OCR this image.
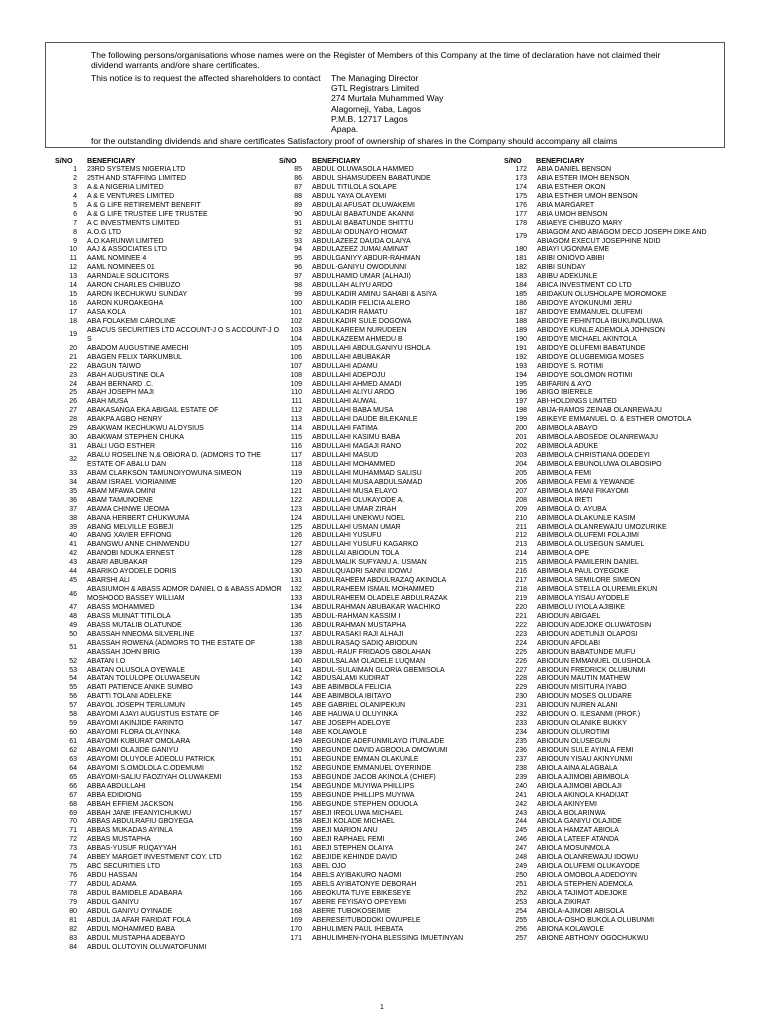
The following persons/organisations whose names were on the Register of Members of this Company at the time of declaration have not claimed their dividend warrants and/ore share certificates.
This notice is to request the affected shareholders to contact The Managing Director
GTL Registrars Limited
274 Murtala Muhammed Way
Alagomeji, Yaba, Lagos
P.M.B. 12717 Lagos
Apapa.
for the outstanding dividends and share certificates Satisfactory proof of ownership of shares in the Company should accompany all claims
S/NO BENEFICIARY
1 23RD SYSTEMS NIGERIA LTD
2 25TH AND STAFFING LIMITED
3 A & A NIGERIA LIMITED
4 A & E VENTURES LIMITED
5 A & G LIFE RETIREMENT BENEFIT
6 A & G LIFE TRUSTEE LIFE TRUSTEE
7 A C INVESTMENTS LIMITED
8 A.O.G LTD
9 A.O.KARUNWI LIMITED
10 AAJ & ASSOCIATES LTD
11 AAML NOMINEE 4
12 AAML NOMINEES 01
13 AARNDALE SOLICITORS
14 AARON CHARLES CHIBUZO
15 AARON IKECHUKWU SUNDAY
16 AARON KUROAKEGHA
17 AASA KOLA
18 ABA FOLAKEMI CAROLINE
19
ABACUS SECURITIES LTD ACCOUNT-J O S ACCOUNT-J O S
20 ABADOM AUGUSTINE AMECHI
21 ABAGEN FELIX TARKUMBUL
22 ABAGUN TAIWO
23 ABAH AUGUSTINE OLA
24 ABAH BERNARD .C.
25 ABAH JOSEPH MAJI
26 ABAH MUSA
27 ABAKASANGA EKA ABIGAIL ESTATE OF
28 ABAKPA AGBO HENRY
29 ABAKWAM IKECHUKWU ALOYSIUS
30 ABAKWAM STEPHEN CHUKA
31 ABALI UGO ESTHER
32
ABALU ROSELINE N.& OBIORA D. (ADMORS TO THE ESTATE OF ABALU DAN
33 ABAM CLARKSON TAMUNOIYOWUNA SIMEON
34 ABAM ISRAEL VIORIANIME
35 ABAM MFAWA OMINI
36 ABAM TAMUNOENE
37 ABAMA CHINWE IJEOMA
38 ABANA HERBERT CHUKWUMA
39 ABANG MELVILLE EGBEJI
40 ABANG XAVIER EFFIONG
41 ABANGWU ANNE CHINWENDU
42 ABANOBI NDUKA ERNEST
43 ABARI ABUBAKAR
44 ABARIKO AYODELE DORIS
45 ABARSHI ALI
46
ABASIUMOH & ABASS ADMOR DANIEL O & ABASS ADMOR MOSHOOD BASSEY WILLIAM
47 ABASS MOHAMMED
48 ABASS MUINAT TITILOLA
49 ABASS MUTALIB OLATUNDE
50 ABASSAH NNEOMA SILVERLINE
51
ABASSAH ROWENA (ADMORS TO THE ESTATE OF ABASSAH JOHN BRIG
52 ABATAN I.O
53 ABATAN OLUSOLA OYEWALE
54 ABATAN TOLULOPE OLUWASEUN
55 ABATI PATIENCE ANIKE SUMBO
56 ABATTI TOLANI ADELEKE
57 ABAYOL JOSEPH TERLUMUN
58 ABAYOMI AJAYI AUGUSTUS ESTATE OF
59 ABAYOMI AKINJIDE FARINTO
60 ABAYOMI FLORA OLAYINKA
61 ABAYOMI KUBURAT OMOLARA
62 ABAYOMI OLAJIDE GANIYU
63 ABAYOMI OLUYOLE ADEOLU PATRICK
64 ABAYOMI S.OMOLOLA C.ODEMUMI
65 ABAYOMI-SALIU FAOZIYAH OLUWAKEMI
66 ABBA ABDULLAHI
67 ABBA EDIDIONG
68 ABBAH EFFIEM JACKSON
69 ABBAH JANE IFEANYICHUKWU
70 ABBAS ABDULRAFIU GBOYEGA
71 ABBAS MUKADAS AYINLA
72 ABBAS MUSTAPHA
73 ABBAS-YUSUF RUQAYYAH
74 ABBEY MARGET INVESTMENT COY. LTD
75 ABC SECURITIES LTD
76 ABDU HASSAN
77 ABDUL ADAMA
78 ABDUL BAMIDELE ADABARA
79 ABDUL GANIYU
80 ABDUL GANIYU OYINADE
81 ABDUL JA AFAR FARIDAT FOLA
82 ABDUL MOHAMMED BABA
83 ABDUL MUSTAPHA ADEBAYO
84 ABDUL OLUTOYIN OLUWATOFUNMI
S/NO BENEFICIARY
85 ABDUL OLUWASOLA HAMMED
86 ABDUL SHAMSUDEEN BABATUNDE
87 ABDUL TITILOLA SOLAPE
88 ABDUL YAYA OLAYEMI
89 ABDULAI AFUSAT OLUWAKEMI
90 ABDULAI BABATUNDE AKANNI
91 ABDULAI BABATUNDE SHITTU
92 ABDULAI ODUNAYO HIOMAT
93 ABDULAZEEZ DAUDA OLAIYA
94 ABDULAZEEZ JUMAI AMINAT
95 ABDULGANIYY ABDUR-RAHMAN
96 ABDUL-GANIYU OWODUNNI
97 ABDULHAMID UMAR (ALHAJI)
98 ABDULLAH ALIYU ARDO
99 ABDULKADIR AMINU SAHABI & ASIYA
100 ABDULKADIR FELICIA ALERO
101 ABDULKADIR RAMATU
102 ABDULKADIR SULE DOGOWA
103 ABDULKAREEM NURUDEEN
104 ABDULKAZEEM AHMEDU B
105 ABDULLAHI ABDULGANIYU ISHOLA
106 ABDULLAHI ABUBAKAR
107 ABDULLAHI ADAMU
108 ABDULLAHI ADEPOJU
109 ABDULLAHI AHMED AMADI
110 ABDULLAHI ALIYU ARDO
111 ABDULLAHI AUWAL
112 ABDULLAHI BABA MUSA
113 ABDULLAHI DAUDE BILEKANLE
114 ABDULLAHI FATIMA
115 ABDULLAHI KASIMU BABA
116 ABDULLAHI MAGAJI RANO
117 ABDULLAHI MASUD
118 ABDULLAHI MOHAMMED
119 ABDULLAHI MUHAMMAD SALISU
120 ABDULLAHI MUSA ABDULSAMAD
121 ABDULLAHI MUSA ELAYO
122 ABDULLAHI OLUKAYODE A.
123 ABDULLAHI UMAR ZIRAH
124 ABDULLAHI UNEKWU NOEL
125 ABDULLAHI USMAN UMAR
126 ABDULLAHI YUSUFU
127 ABDULLAHI YUSUFU KAGARKO
128 ABDULLAI ABIODUN TOLA
129 ABDULMALIK SUFYANU A. USMAN
130 ABDULQUADRI SANNI IDOWU
131 ABDULRAHEEM ABDULRAZAQ AKINOLA
132 ABDULRAHEEM ISMAIL MOHAMMED
133 ABDULRAHEEM OLADELE ABDULRAZAK
134 ABDULRAHMAN ABUBAKAR WACHIKO
135 ABDUL-RAHMAN KASSIM I
136 ABDULRAHMAN MUSTAPHA
137 ABDULRASAKI RAJI ALHAJI
138 ABDULRASAQ SADIQ ABIODUN
139 ABDUL-RAUF FRIDAOS GBOLAHAN
140 ABDULSALAM OLADELE LUQMAN
141 ABDUL-SULAIMAN GLORIA GBEMISOLA
142 ABDUSALAMI KUDIRAT
143 ABE ABIMBOLA FELICIA
144 ABE ABIMBOLA IBITAYO
145 ABE GABRIEL OLANIPEKUN
146 ABE HAUWA U OLUYINKA
147 ABE JOSEPH ADELOYE
148 ABE KOLAWOLE
149 ABEGUNDE ADEFUNMILAYO ITUNLADE
150 ABEGUNDE DAVID AGBOOLA OMOWUMI
151 ABEGUNDE EMMAN OLAKUNLE
152 ABEGUNDE EMMANUEL OYERINDE
153 ABEGUNDE JACOB AKINOLA (CHIEF)
154 ABEGUNDE MUYIWA PHILLIPS
155 ABEGUNDE PHILLIPS MUYIWA
156 ABEGUNDE STEPHEN ODUOLA
157 ABEJI IREOLUWA MICHAEL
158 ABEJI KOLADE MICHAEL
159 ABEJI MARION ANU
160 ABEJI RAPHAEL FEMI
161 ABEJI STEPHEN OLAIYA
162 ABEJIDE KEHINDE DAVID
163 ABEL OJO
164 ABELS AYIBAKURO NAOMI
165 ABELS AYIBATONYE DEBORAH
166 ABEOKUTA TUYE EBIKESEYE
167 ABERE FEYISAYO OPEYEMI
168 ABERE TUBOKOSEIMIE
169 ABERESEITUBODOKI OWUPELE
170 ABHULIMEN PAUL IHEBATA
171 ABHULIMHEN-IYOHA BLESSING IMUETINYAN
S/NO BENEFICIARY
172 ABIA DANIEL BENSON
173 ABIA ESTER IMOH BENSON
174 ABIA ESTHER OKON
175 ABIA ESTHER UMOH BENSON
176 ABIA MARGARET
177 ABIA UMOH BENSON
178 ABIAEYE CHIBUZO MARY
179
ABIAGOM AND ABIAGOM DECD JOSEPH DIKE AND ABIAGOM EXECUT JOSEPHINE NDID
180 ABIAYI UGONMA EME
181 ABIBI ONIOVO ABIBI
182 ABIBI SUNDAY
183 ABIBU ADEKUNLE
184 ABICA INVESTMENT CO LTD
185 ABIDAKUN OLUSHOLAPE MOROMOKE
186 ABIDOYE AYOKUNUMI JERU
187 ABIDOYE EMMANUEL OLUFEMI
188 ABIDOYE FEHINTOLA IBUKUNOLUWA
189 ABIDOYE KUNLE ADEMOLA JOHNSON
190 ABIDOYE MICHAEL AKINTOLA
191 ABIDOYE OLUFEMI BABATUNDE
192 ABIDOYE OLUGBEMIGA MOSES
193 ABIDOYE S. ROTIMI
194 ABIDOYE SOLOMON ROTIMI
195 ABIFARIN & AYO
196 ABIGO IBIERELE
197 ABI-HOLDINGS LIMITED
198 ABIJA-RAMOS ZEINAB OLANREWAJU
199 ABIKEYE EMMANUEL O. & ESTHER OMOTOLA
200 ABIMBOLA ABAYO
201 ABIMBOLA ABOSEDE OLANREWAJU
202 ABIMBOLA ADUKE
203 ABIMBOLA CHRISTIANA ODEDEYI
204 ABIMBOLA EBUNOLUWA OLABOSIPO
205 ABIMBOLA FEMI
206 ABIMBOLA FEMI & YEWANDE
207 ABIMBOLA IMANI FIKAYOMI
208 ABIMBOLA IRETI
209 ABIMBOLA O. AYUBA
210 ABIMBOLA OLAKUNLE KASIM
211 ABIMBOLA OLANREWAJU UMOZURIKE
212 ABIMBOLA OLUFEMI FOLAJIMI
213 ABIMBOLA OLUSEGUN SAMUEL
214 ABIMBOLA OPE
215 ABIMBOLA PAMILERIN DANIEL
216 ABIMBOLA PAUL OYEGOKE
217 ABIMBOLA SEMILORE SIMEON
218 ABIMBOLA STELLA OLUREMILEKUN
219 ABIMBOLA YISAU AYODELE
220 ABIMBOLU IYIOLA AJIBIKE
221 ABIODUN ABIGAEL
222 ABIODUN ADEJOKE OLUWATOSIN
223 ABIODUN ADETUNJI OLAPOSI
224 ABIODUN AFOLABI
225 ABIODUN BABATUNDE MUFU
226 ABIODUN EMMANUEL OLUSHOLA
227 ABIODUN FREDRICK OLUBUNMI
228 ABIODUN MAUTIN MATHEW
229 ABIODUN MISITURA IYABO
230 ABIODUN MOSES OLUDARE
231 ABIODUN NUREN ALANI
232 ABIODUN O. ILESANMI (PROF.)
233 ABIODUN OLANIKE BUKKY
234 ABIODUN OLUROTIMI
235 ABIODUN OLUSEGUN
236 ABIODUN SULE AYINLA FEMI
237 ABIODUN YISAU AKINYUNMI
238 ABIOLA AINA ALAGBALA
239 ABIOLA AJIMOBI ABIMBOLA
240 ABIOLA AJIMOBI ABOLAJI
241 ABIOLA AKINOLA KHADIJAT
242 ABIOLA AKINYEMI
243 ABIOLA BOLARINWA
244 ABIOLA GANIYU OLAJIDE
245 ABIOLA HAMZAT ABIOLA
246 ABIOLA LATEEF ATANDA
247 ABIOLA MOSUNMOLA
248 ABIOLA OLANREWAJU IDOWU
249 ABIOLA OLUFEMI OLUKAYODE
250 ABIOLA OMOBOLA ADEDOYIN
251 ABIOLA STEPHEN ADEMOLA
252 ABIOLA TAJIMOT ADEJOKE
253 ABIOLA ZIKIRAT
254 ABIOLA-AJIMOBI ABISOLA
255 ABIOLA-OSHO BUKOLA OLUBUNMI
256 ABIONA KOLAWOLE
257 ABIONE ABTHONY OGOCHUKWU
1
